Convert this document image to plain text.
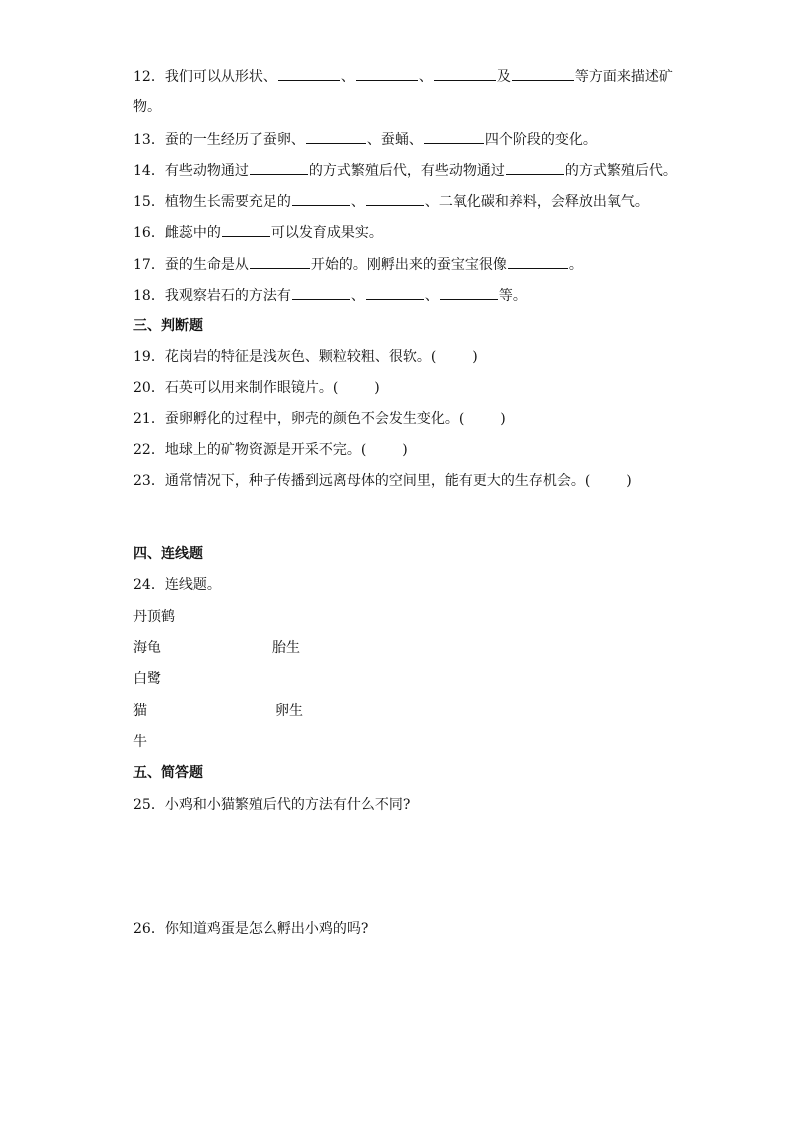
12．我们可以从形状、	、	、	及	等方面来描述矿
物。
13．蚕的一生经历了蚕卵、	、蚕蛹、	四个阶段的变化。
14．有些动物通过	的方式繁殖后代，有些动物通过	的方式繁殖后代。
15．植物生长需要充足的	、	、二氧化碳和养料，会释放出氧气。
16．雌蕊中的	可以发育成果实。
17．蚕的生命是从	开始的。刚孵出来的蚕宝宝很像	。
18．我观察岩石的方法有	、	、	等。
三、判断题
19．花岗岩的特征是浅灰色、颗粒较粗、很软。(	)
20．石英可以用来制作眼镜片。(	)
21．蚕卵孵化的过程中，卵壳的颜色不会发生变化。(	)
22．地球上的矿物资源是开采不完。(	)
23．通常情况下，种子传播到远离母体的空间里，能有更大的生存机会。(	)
四、连线题
24．连线题。
丹顶鹤
海龟
白鹭
猫
牛
胎生
卵生
五、简答题
25．小鸡和小猫繁殖后代的方法有什么不同?
26．你知道鸡蛋是怎么孵出小鸡的吗?
